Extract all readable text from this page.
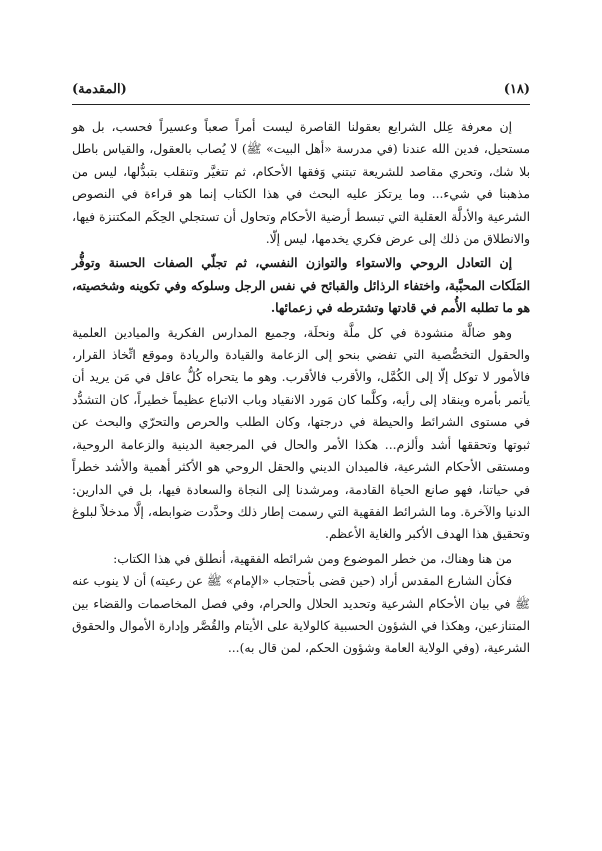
(١٨)
(المقدمة)

إن معرفة عِلل الشرايع بعقولنا القاصرة ليست أمراً صعباً وعسيراً فحسب، بل هو مستحيل، فدين الله عندنا (في مدرسة «أهل البيت» ﷺ) لا يُصاب بالعقول، والقياس باطل بلا شك، وتحري مقاصد للشريعة تبتني وَفقها الأحكام، ثم تتغيَّر وتنقلب بتبدُّلها، ليس من مذهبنا في شيء... وما يرتكز عليه البحث في هذا الكتاب إنما هو قراءة في النصوص الشرعية والأدلَّة العقلية التي تبسط أرضية الأحكام وتحاول أن تستجلي الحِكَم المكتنزة فيها، والانطلاق من ذلك إلى عرض فكري يخدمها، ليس إلّا.

إن التعادل الروحي والاستواء والتوازن النفسي، ثم تجلّي الصفات الحسنة وتوفُّر المَلَكات المحبَّبة، واختفاء الرذائل والقبائح في نفس الرجل وسلوكه وفي تكوينه وشخصيته، هو ما تطلبه الأُمم في قادتها وتشترطه في زعمائها.

وهو ضالَّة منشودة في كل ملَّة ونحلَة، وجميع المدارس الفكرية والميادين العلمية والحقول التخصُّصية التي تفضي بنحو إلى الزعامة والقيادة والريادة وموقع اتِّخاذ القرار، فالأمور لا توكل إلّا إلى الكُمَّل، والأقرب فالأقرب. وهو ما يتحراه كُلُّ عاقل في مَن يريد أن يأتمر بأمره وينقاد إلى رأيه، وكلَّما كان مَورد الانقياد وباب الاتباع عظيماً خطيراً، كان التشدُّد في مستوى الشرائط والحيطة في درجتها، وكان الطلب والحرص والتحرّي والبحث عن ثبوتها وتحققها أشد وألزم... هكذا الأمر والحال في المرجعية الدينية والزعامة الروحية، ومستقى الأحكام الشرعية، فالميدان الديني والحقل الروحي هو الأكثر أهمية والأشد خطراً في حياتنا، فهو صانع الحياة القادمة، ومرشدنا إلى النجاة والسعادة فيها، بل في الدارين: الدنيا والآخرة. وما الشرائط الفقهية التي رسمت إطار ذلك وحدَّدت ضوابطه، إلَّا مدخلاً لبلوغ وتحقيق هذا الهدف الأكبر والغاية الأعظم.

من هنا وهناك، من خطر الموضوع ومن شرائطه الفقهية، أنطلق في هذا الكتاب:

فكأن الشارع المقدس أراد (حين قضى بأحتجاب «الإمام» ﷺ عن رعيته) أن لا ينوب عنه ﷺ في بيان الأحكام الشرعية وتحديد الحلال والحرام، وفي فصل المخاصمات والقضاء بين المتنازعين، وهكذا في الشؤون الحسبية كالولاية على الأيتام والقُصَّر وإدارة الأموال والحقوق الشرعية، (وفي الولاية العامة وشؤون الحكم، لمن قال به)...
